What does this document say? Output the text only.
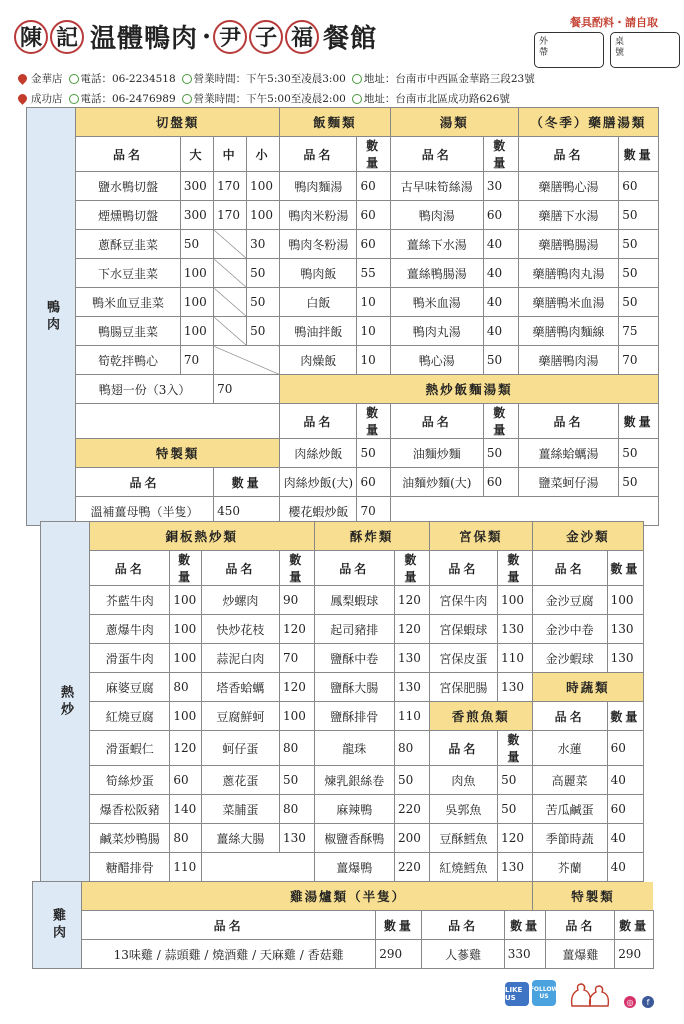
陳 記 温體鴨肉 · 尹 子 福 餐館
餐具酌料・請自取
外
帶
桌
號
金華店 電話：06-2234518 營業時間：下午5:30至凌晨3:00 地址：台南市中西區金華路三段23號
成功店 電話：06-2476989 營業時間：下午5:00至凌晨2:00 地址：台南市北區成功路626號
鴨肉	切盤類				飯麵類		湯類		（冬季）藥膳湯類	
	品名	大	中	小	品名	數量	品名	數量	品名	數量
	鹽水鴨切盤	300	170	100	鴨肉麵湯	60	古早味筍絲湯	30	藥膳鴨心湯	60
	煙燻鴨切盤	300	170	100	鴨肉米粉湯	60	鴨肉湯	60	藥膳下水湯	50
	蔥酥豆韭菜	50		30	鴨肉冬粉湯	60	薑絲下水湯	40	藥膳鴨腸湯	50
	下水豆韭菜	100		50	鴨肉飯	55	薑絲鴨腸湯	40	藥膳鴨肉丸湯	50
	鴨米血豆韭菜	100		50	白飯	10	鴨米血湯	40	藥膳鴨米血湯	50
	鴨腸豆韭菜	100		50	鴨油拌飯	10	鴨肉丸湯	40	藥膳鴨肉麵線	75
	筍乾拌鴨心	70			肉燥飯	10	鴨心湯	50	藥膳鴨肉湯	70
	鴨翅一份（3入）		70		熱炒飯麵湯類					
					品名	數量	品名	數量	品名	數量
	特製類				肉絲炒飯	50	油麵炒麵	50	薑絲蛤蠣湯	50
	品名		數量		肉絲炒飯(大)	60	油麵炒麵(大)	60	鹽菜蚵仔湯	50
	溫補薑母鴨（半隻）		450		櫻花蝦炒飯	70				
熱炒	銅板熱炒類				酥炸類		宮保類		金沙類	
	品名	數量	品名	數量	品名	數量	品名	數量	品名	數量
	芥藍牛肉	100	炒螺肉	90	鳳梨蝦球	120	宮保牛肉	100	金沙豆腐	100
	蔥爆牛肉	100	快炒花枝	120	起司豬排	120	宮保蝦球	130	金沙中卷	130
	滑蛋牛肉	100	蒜泥白肉	70	鹽酥中卷	130	宮保皮蛋	110	金沙蝦球	130
	麻婆豆腐	80	塔香蛤蠣	120	鹽酥大腸	130	宮保肥腸	130	時蔬類	
	紅燒豆腐	100	豆腐鮮蚵	100	鹽酥排骨	110	香煎魚類		品名	數量
	滑蛋蝦仁	120	蚵仔蛋	80	龍珠	80	品名	數量	水蓮	60
	筍絲炒蛋	60	蔥花蛋	50	煉乳銀絲卷	50	肉魚	50	高麗菜	40
	爆香松阪豬	140	菜脯蛋	80	麻辣鴨	220	吳郭魚	50	苦瓜鹹蛋	60
	鹹菜炒鴨腸	80	薑絲大腸	130	椒鹽香酥鴨	200	豆酥鱈魚	120	季節時蔬	40
	糖醋排骨	110			薑爆鴨	220	紅燒鱈魚	130	芥蘭	40
雞肉	雞湯爐類（半隻）				
	品名	數量	品名	數量	品名	數量
	13味雞 / 蒜頭雞 / 燒酒雞 / 天麻雞 / 香菇雞	290	人蔘雞	330	薑爆雞	290
特製類
LIKE US
FOLLOW US
◎	f
